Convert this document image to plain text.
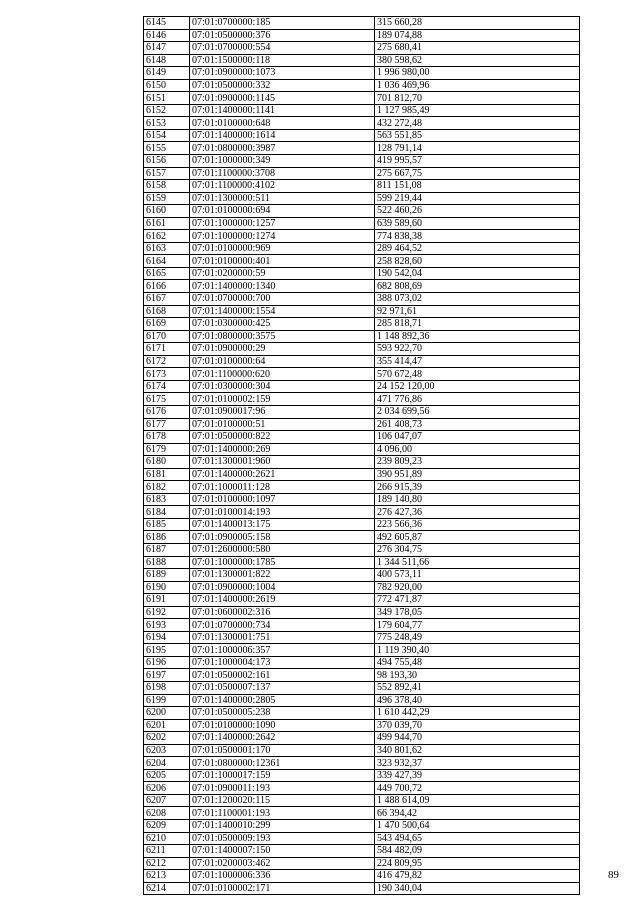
6145	07:01:0700000:185	315 660,28
6146	07:01:0500000:376	189 074,88
6147	07:01:0700000:554	275 680,41
6148	07:01:1500000:118	380 598,62
6149	07:01:0900000:1073	1 996 980,00
6150	07:01:0500000:332	1 036 469,96
6151	07:01:0900000:1145	701 812,70
6152	07:01:1400000:1141	1 127 985,49
6153	07:01:0100000:648	432 272,48
6154	07:01:1400000:1614	563 551,85
6155	07:01:0800000:3987	128 791,14
6156	07:01:1000000:349	419 995,57
6157	07:01:1100000:3708	275 667,75
6158	07:01:1100000:4102	811 151,08
6159	07:01:1300000:511	599 219,44
6160	07:01:0100000:694	522 460,26
6161	07:01:1000000:1257	639 589,60
6162	07:01:1000000:1274	774 838,38
6163	07:01:0100000:969	289 464,52
6164	07:01:0100000:401	258 828,60
6165	07:01:0200000:59	190 542,04
6166	07:01:1400000:1340	682 808,69
6167	07:01:0700000:700	388 073,02
6168	07:01:1400000:1554	92 971,61
6169	07:01:0300000:425	285 818,71
6170	07:01:0800000:3575	1 148 892,36
6171	07:01:0900000:29	593 922,70
6172	07:01:0100000:64	355 414,47
6173	07:01:1100000:620	570 672,48
6174	07:01:0300000:304	24 152 120,00
6175	07:01:0100002:159	471 776,86
6176	07:01:0900017:96	2 034 699,56
6177	07:01:0100000:51	261 408,73
6178	07:01:0500000:822	106 047,07
6179	07:01:1400000:269	4 096,00
6180	07:01:1300001:960	239 809,23
6181	07:01:1400000:2621	390 951,89
6182	07:01:1000011:128	266 915,39
6183	07:01:0100000:1097	189 140,80
6184	07:01:0100014:193	276 427,36
6185	07:01:1400013:175	223 566,36
6186	07:01:0900005:158	492 605,87
6187	07:01:2600000:580	276 304,75
6188	07:01:1000000:1785	1 344 511,66
6189	07:01:1300001:822	400 573,11
6190	07:01:0900000:1004	782 920,00
6191	07:01:1400000:2619	772 471,87
6192	07:01:0600002:316	349 178,05
6193	07:01:0700000:734	179 604,77
6194	07:01:1300001:751	775 248,49
6195	07:01:1000006:357	1 119 390,40
6196	07:01:1000004:173	494 755,48
6197	07:01:0500002:161	98 193,30
6198	07:01:0500007:137	552 892,41
6199	07:01:1400000:2805	496 378,40
6200	07:01:0500005:238	1 610 442,29
6201	07:01:0100000:1090	370 039,70
6202	07:01:1400000:2642	499 944,70
6203	07:01:0500001:170	340 801,62
6204	07:01:0800000:12361	323 932,37
6205	07:01:1000017:159	339 427,39
6206	07:01:0900011:193	449 700,72
6207	07:01:1200020:115	1 488 614,09
6208	07:01:1100001:193	66 394,42
6209	07:01:1400010:299	1 470 500,64
6210	07:01:0500009:193	543 494,65
6211	07:01:1400007:150	584 482,09
6212	07:01:0200003:462	224 809,95
6213	07:01:1000006:336	416 479,82
6214	07:01:0100002:171	190 340,04
89
